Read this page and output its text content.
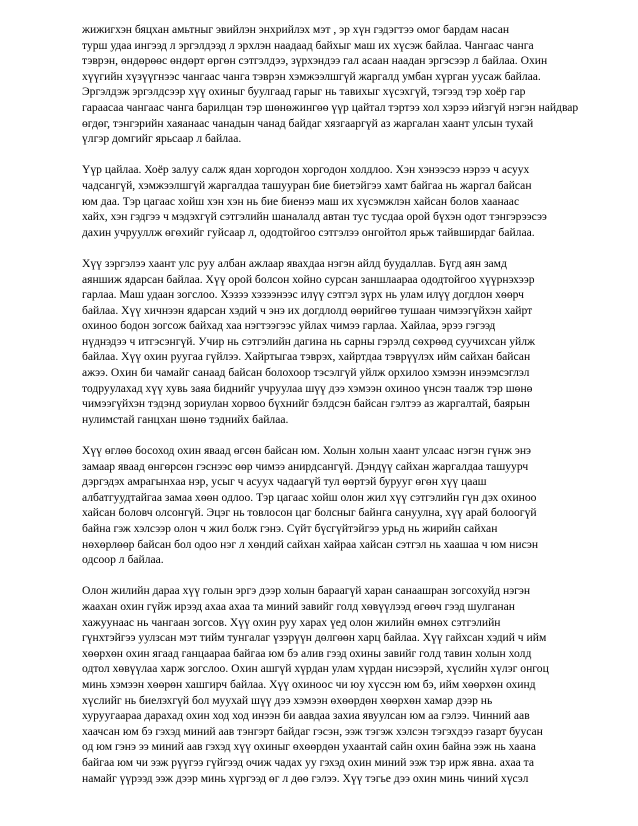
жижигхэн бяцхан амьтныг эвийлэн энхрийлэх мэт , эр хүн гэдэгтээ омог бардам насан
турш удаа ингээд л эргэлдээд л эрхлэн наадаад байхыг маш их хүсэж байлаа. Чангаас чанга
тэврэн, өндөрөөс өндөрт өргөн сэтгэлдээ, зүрхэндээ гал асаан наадан эргэсээр л байлаа. Охин
хүүгийн хүзүүгнээс чангаас чанга тэврэн хэмжээлшгүй жаргалд умбан хүрган уусаж байлаа.
Эргэлдэж эргэлдсээр хүү охиныг буулгаад гарыг нь тавихыг хүсэхгүй, тэгээд тэр хоёр гар
гараасаа чангаас чанга барилцан тэр шөнөжингөө үүр цайтал тэртээ хол хэрээ ийзгүй нэгэн найдвар
өгдөг, тэнгэрийн хаяанаас чанадын чанад байдаг хязгааргүй аз жаргалан хаант улсын тухай
үлгэр домгийг ярьсаар л байлаа.
Үүр цайлаа. Хоёр залуу салж ядан хоргодон хоргодон холдлоо. Хэн хэнээсээ нэрээ ч асуух
чадсангүй, хэмжээлшгүй жаргалдаа ташууран бие биетэйгээ хамт байгаа нь жаргал байсан
юм даа. Тэр цагаас хойш хэн хэн нь бие биенээ маш их хүсэмжлэн хайсан болов хаанаас
хайх, хэн гэдгээ ч мэдэхгүй сэтгэлийн шаналалд автан тус тусдаа орой бүхэн одот тэнгэрээсээ
дахин учрууллж өгөхийг гуйсаар л, ододтойгоо сэтгэлээ онгойтол ярьж тайвширдаг байлаа.
Хүү зэргэлээ хаант улс руу албан ажлаар явахдаа нэгэн айлд буудаллав. Бүгд аян замд
аяншиж ядарсан байлаа. Хүү орой болсон хойно сурсан заншлаараа ододтойгоо хүүрнэхээр
гарлаа. Маш удаан зогслоо. Хэзээ хэзээнээс илүү сэтгэл зүрх нь улам илүү догдлон хөөрч
байлаа. Хүү хичнээн ядарсан хэдий ч энэ их догдлолд өөрийгөө тушаан чимээгүйхэн хайрт
охиноо бодон зогсож байхад хаа нэгтээгээс уйлах чимээ гарлаа. Хайлаа, эрээ гэгээд
нүднэдээ ч итгэсэнгүй. Учир нь сэтгэлийн дагина нь сарны гэрэлд сөхрөөд суучихсан уйлж
байлаа. Хүү охин руугаа гүйлээ. Хайртыгаа тэврэх, хайртдаа тэврүүлэх ийм сайхан байсан
ажээ. Охин би чамайг санаад байсан болохоор тэсэлгүй уйлж орхилоо хэмээн инээмсэглэл
тодруулахад хүү хувь заяа биднийг учруулаа шүү дээ хэмээн охиноо үнсэн таалж тэр шөнө
чимээгүйхэн тэдэнд зориулан хорвоо бүхнийг бэлдсэн байсан гэлтээ аз жаргалтай, баярын
нулимстай ганцхан шөнө тэднийх байлаа.
Хүү өглөө босоход охин яваад өгсөн байсан юм. Холын холын хаант улсаас нэгэн гүнж энэ
замаар яваад өнгөрсөн гэснээс өөр чимээ анирдсангүй. Дэндүү сайхан жаргалдаа ташуурч
дэргэдэх амрагынхаа нэр, усыг ч асуух чадаагүй тул өөртэй бурууг өгөн хүү цааш
албатгуудтайгаа замаа хөөн одлоо. Тэр цагаас хойш олон жил хүү сэтгэлийн гүн дэх охиноо
хайсан боловч олсонгүй. Эцэг нь товлосон цаг болсныг байнга сануулна, хүү арай болоогүй
байна гэж хэлсээр олон ч жил болж гэнэ. Сүйт бүсгүйтэйгээ урьд нь жирийн сайхан
нөхөрлөөр байсан бол одоо нэг л хөндий сайхан хайраа хайсан сэтгэл нь хаашаа ч юм нисэн
одсоор л байлаа.
Олон жилийн дараа хүү голын эргэ дээр холын бараагүй харан санаашран зогсохуйд нэгэн
жаахан охин гүйж ирээд ахаа ахаа та миний завийг голд хөвүүлээд өгөөч гээд шулганан
хажуунаас нь чангаан зогсов. Хүү охин руу харах үед олон жилийн өмнөх сэтгэлийн
гүнхтэйгээ уулзсан мэт тийм тунгалаг үзэрүүн дөлгөөн харц байлаа. Хүү гайхсан хэдий ч ийм
хөөрхөн охин ягаад ганцаараа байгаа юм бэ алив гээд охины завийг голд тавин холын холд
одтол хөвүүлаа харж зогслоо. Охин ашгүй хүрдан улам хүрдан нисээрэй, хүслийн хүлэг онгоц
минь хэмээн хөөрөн хашгирч байлаа. Хүү охиноос чи юу хүссэн юм бэ, ийм хөөрхөн охинд
хүслийг нь биелэхгүй бол муухай шүү дээ хэмээн өхөөрдөн хөөрхөн хамар дээр нь
хуруугаараа дарахад охин ход ход инээн би аавдаа захиа явуулсан юм аа гэлээ. Чинний аав
хаачсан юм бэ гэхэд миний аав тэнгэрт байдаг гэсэн, ээж тэгэж хэлсэн тэгэхдээ газарт буусан
од юм гэнэ ээ миний аав гэхэд хүү охиныг өхөөрдөн ухаантай сайн охин байна ээж нь хаана
байгаа юм чи ээж рүүгээ гүйгээд очиж чадах уу гэхэд охин миний ээж тэр ирж явна. ахаа та
намайг үүрээд ээж дээр минь хүргээд өг л дөө гэлээ. Хүү тэгье дээ охин минь чиний хүсэл
